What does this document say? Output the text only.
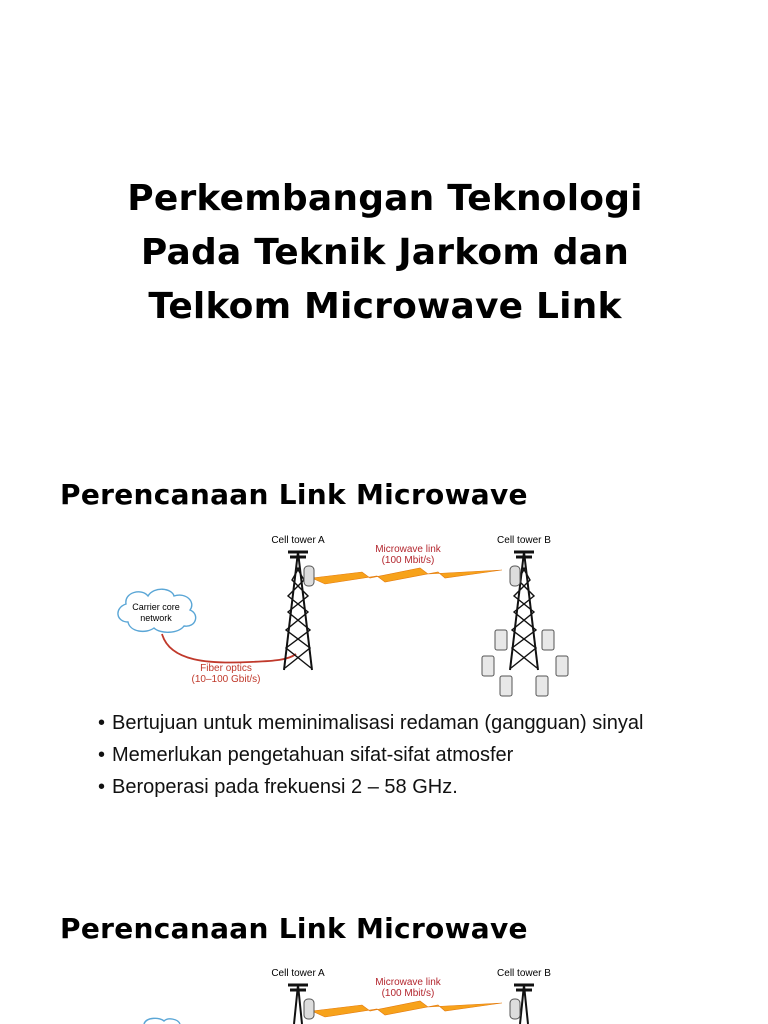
Perkembangan Teknologi
Pada Teknik Jarkom dan
Telkom Microwave Link
Perencanaan Link Microwave
Cell tower A	Cell tower B
Microwave link
(100 Mbit/s)
Carrier core
network
Fiber optics
(10–100 Gbit/s)
• Bertujuan untuk meminimalisasi redaman (gangguan) sinyal
• Memerlukan pengetahuan sifat-sifat atmosfer
• Beroperasi pada frekuensi 2 – 58 GHz.
Perencanaan Link Microwave
Cell tower A	Cell tower B
Microwave link
(100 Mbit/s)
